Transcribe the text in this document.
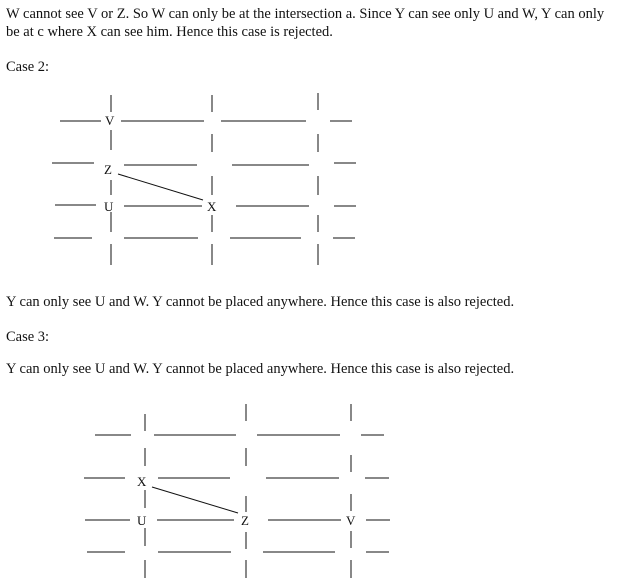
W cannot see V or Z. So W can only be at the intersection a. Since Y can see only U and W, Y can only
be at c where X can see him. Hence this case is rejected.
Case 2:
V
Z
U	X
Y can only see U and W. Y cannot be placed anywhere. Hence this case is also rejected.
Case 3:
Y can only see U and W. Y cannot be placed anywhere. Hence this case is also rejected.
X
U	Z	V
